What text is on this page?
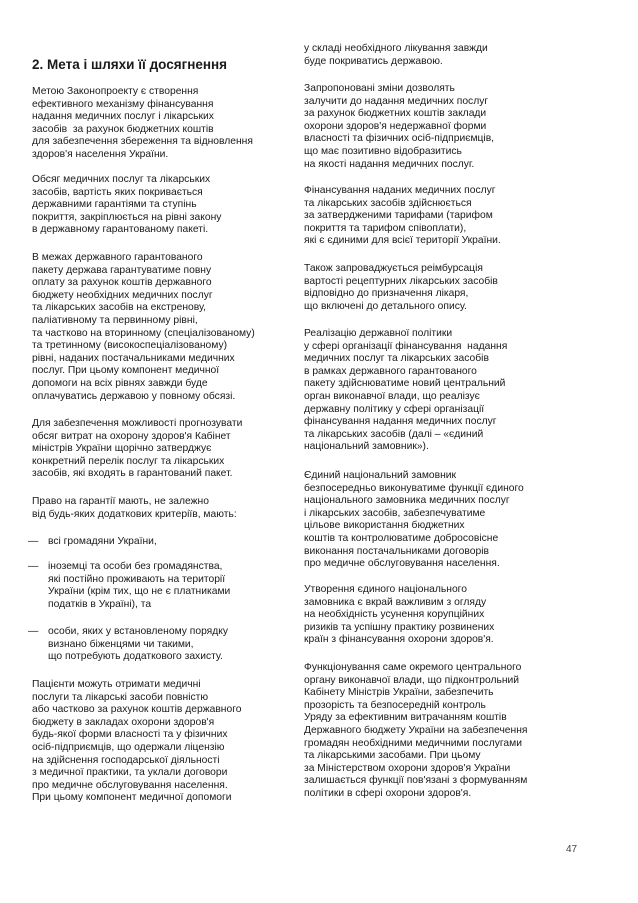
2. Мета і шляхи її досягнення

Метою Законопроекту є створення
ефективного механізму фінансування
надання медичних послуг і лікарських
засобів  за рахунок бюджетних коштів
для забезпечення збереження та відновлення
здоров'я населення України.

Обсяг медичних послуг та лікарських
засобів, вартість яких покривається
державними гарантіями та ступінь
покриття, закріплюється на рівні закону
в державному гарантованому пакеті.

В межах державного гарантованого
пакету держава гарантуватиме повну
оплату за рахунок коштів державного
бюджету необхідних медичних послуг
та лікарських засобів на екстренову,
паліативному та первинному рівні,
та частково на вторинному (спеціалізованому)
та третинному (високоспеціалізованому)
рівні, наданих постачальниками медичних
послуг. При цьому компонент медичної
допомоги на всіх рівнях завжди буде
оплачуватись державою у повному обсязі.

Для забезпечення можливості прогнозувати
обсяг витрат на охорону здоров'я Кабінет
міністрів України щорічно затверджує
конкретний перелік послуг та лікарських
засобів, які входять в гарантований пакет.

Право на гарантії мають, не залежно
від будь-яких додаткових критеріїв, мають:

— всі громадяни України,

— іноземці та особи без громадянства,
які постійно проживають на території
України (крім тих, що не є платниками
податків в Україні), та

— особи, яких у встановленому порядку
визнано біженцями чи такими,
що потребують додаткового захисту.

Пацієнти можуть отримати медичні
послуги та лікарські засоби повністю
або частково за рахунок коштів державного
бюджету в закладах охорони здоров'я
будь-якої форми власності та у фізичних
осіб-підприємців, що одержали ліцензію
на здійснення господарської діяльності
з медичної практики, та уклали договори
про медичне обслуговування населення.
При цьому компонент медичної допомоги

у складі необхідного лікування завжди
буде покриватись державою.

Запропоновані зміни дозволять
залучити до надання медичних послуг
за рахунок бюджетних коштів заклади
охорони здоров'я недержавної форми
власності та фізичних осіб-підприємців,
що має позитивно відобразитись
на якості надання медичних послуг.

Фінансування наданих медичних послуг
та лікарських засобів здійснюється
за затвердженими тарифами (тарифом
покриття та тарифом співоплати),
які є єдиними для всієї території України.

Також запроваджується реімбурсація
вартості рецептурних лікарських засобів
відповідно до призначення лікаря,
що включені до детального опису.

Реалізацію державної політики
у сфері організації фінансування  надання
медичних послуг та лікарських засобів
в рамках державного гарантованого
пакету здійснюватиме новий центральний
орган виконавчої влади, що реалізує
державну політику у сфері організації
фінансування надання медичних послуг
та лікарських засобів (далі – «єдиний
національний замовник»).

Єдиний національний замовник
безпосередньо виконуватиме функції єдиного
національного замовника медичних послуг
і лікарських засобів, забезпечуватиме
цільове використання бюджетних
коштів та контролюватиме добросовісне
виконання постачальниками договорів
про медичне обслуговування населення.

Утворення єдиного національного
замовника є вкрай важливим з огляду
на необхідність усунення корупційних
ризиків та успішну практику розвинених
країн з фінансування охорони здоров'я.

Функціонування саме окремого центрального
органу виконавчої влади, що підконтрольний
Кабінету Міністрів України, забезпечить
прозорість та безпосередній контроль
Уряду за ефективним витрачанням коштів
Державного бюджету України на забезпечення
громадян необхідними медичними послугами
та лікарськими засобами. При цьому
за Міністерством охорони здоров'я України
залишається функції пов'язані з формуванням
політики в сфері охорони здоров'я.

47
